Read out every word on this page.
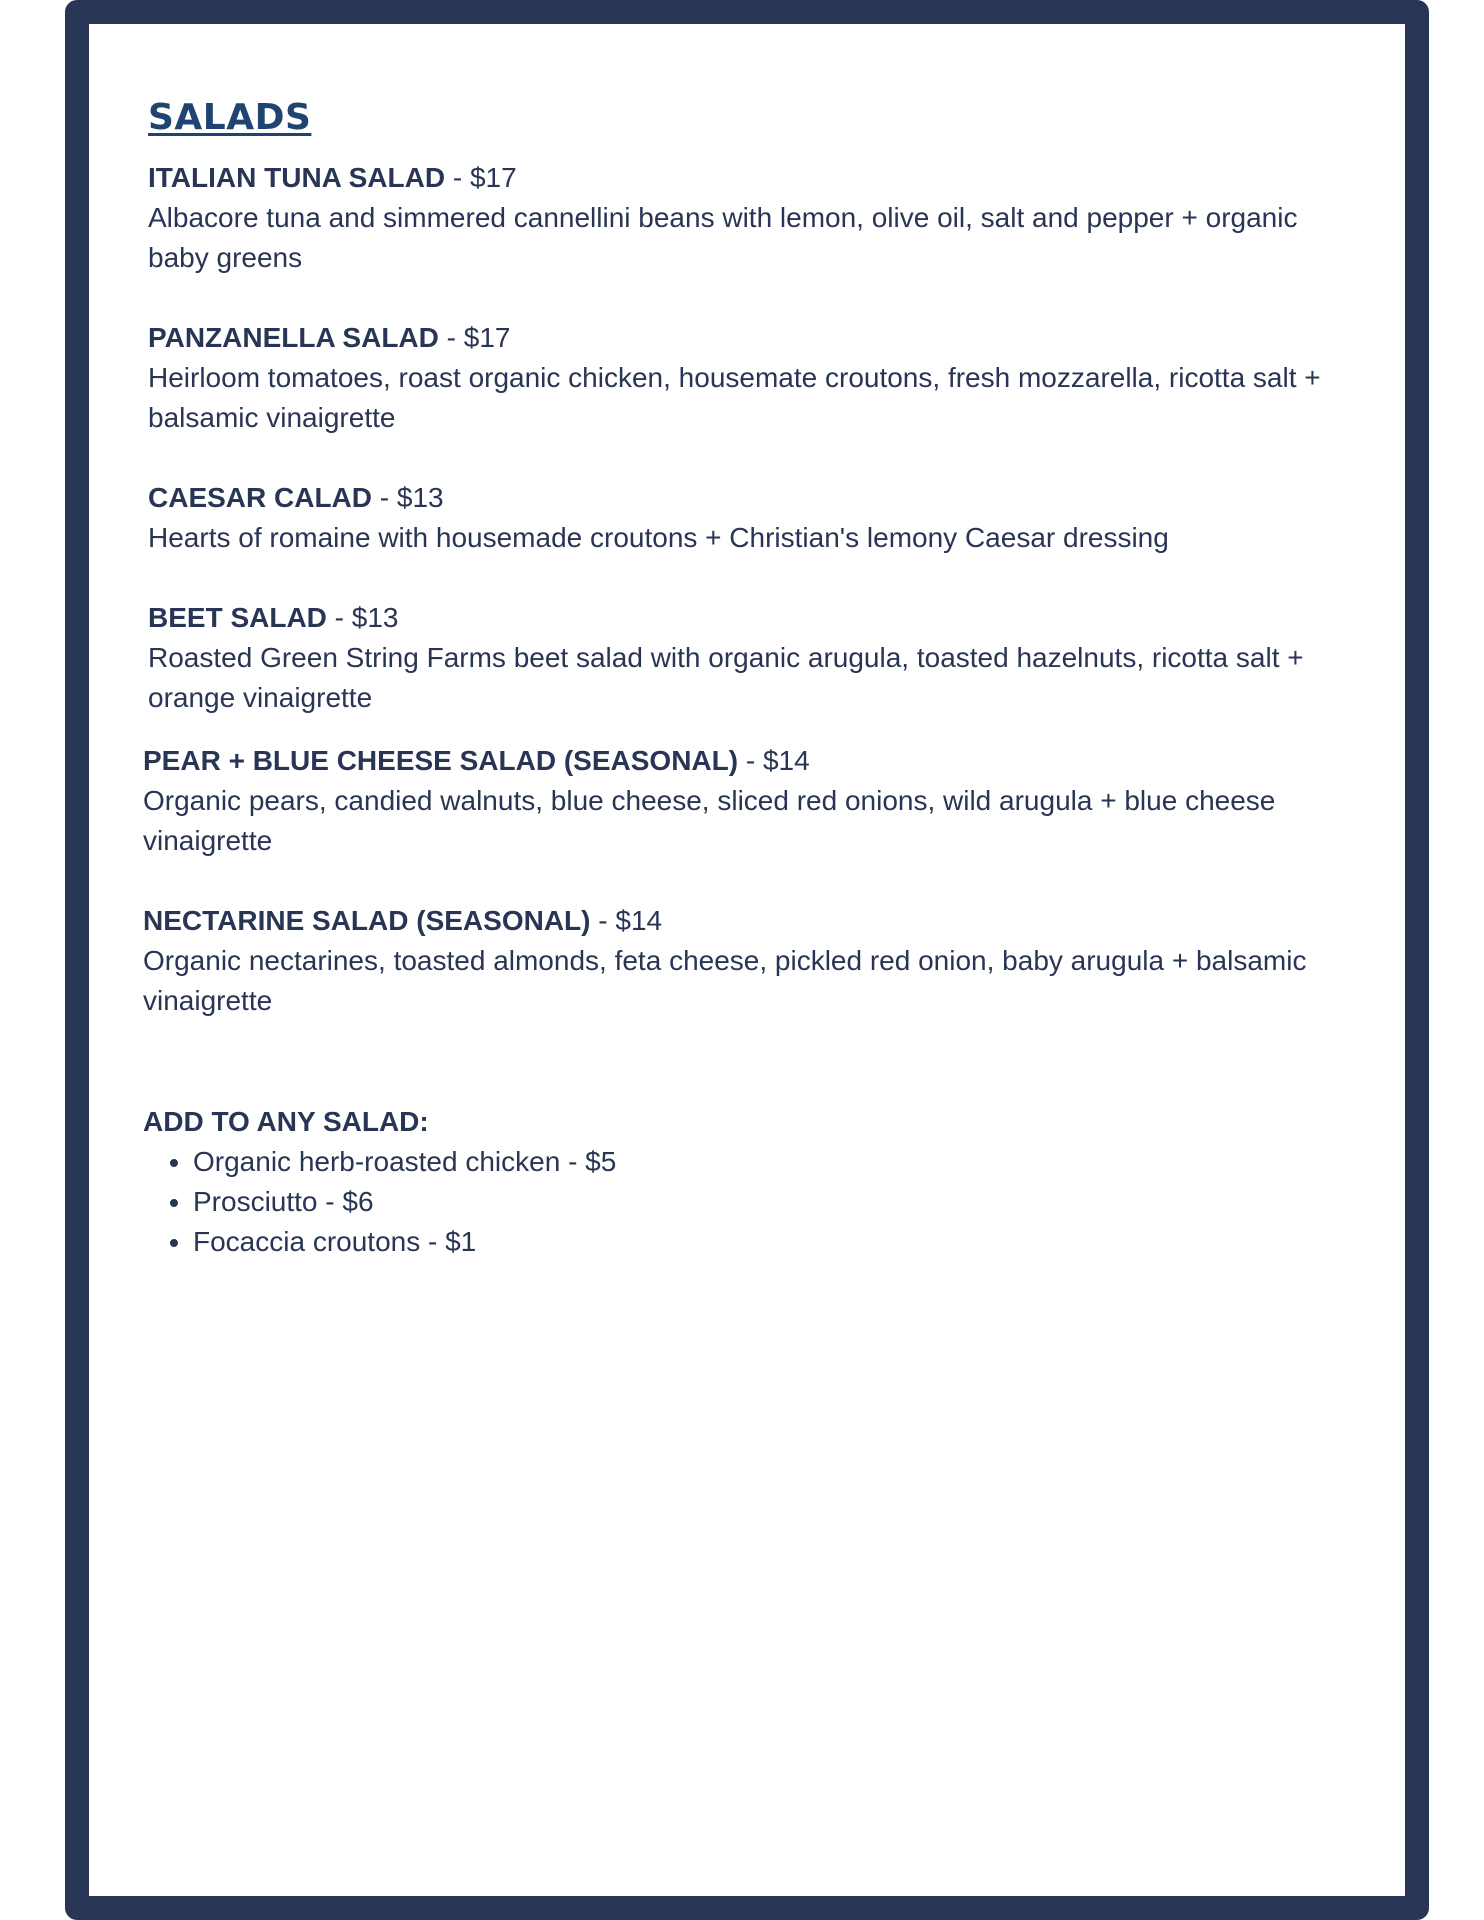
SALADS
ITALIAN TUNA SALAD - $17

Albacore tuna and simmered cannellini beans with lemon, olive oil, salt and pepper + organic baby greens

PANZANELLA SALAD - $17

Heirloom tomatoes, roast organic chicken, housemate croutons, fresh mozzarella, ricotta salt + balsamic vinaigrette

CAESAR CALAD - $13

Hearts of romaine with housemade croutons + Christian's lemony Caesar dressing

BEET SALAD - $13

Roasted Green String Farms beet salad with organic arugula, toasted hazelnuts, ricotta salt + orange vinaigrette

PEAR + BLUE CHEESE SALAD (SEASONAL) - $14

Organic pears, candied walnuts, blue cheese, sliced red onions, wild arugula + blue cheese vinaigrette

NECTARINE SALAD (SEASONAL) - $14

Organic nectarines, toasted almonds, feta cheese, pickled red onion, baby arugula + balsamic vinaigrette

ADD TO ANY SALAD:
• Organic herb-roasted chicken - $5
• Prosciutto - $6
• Focaccia croutons - $1
